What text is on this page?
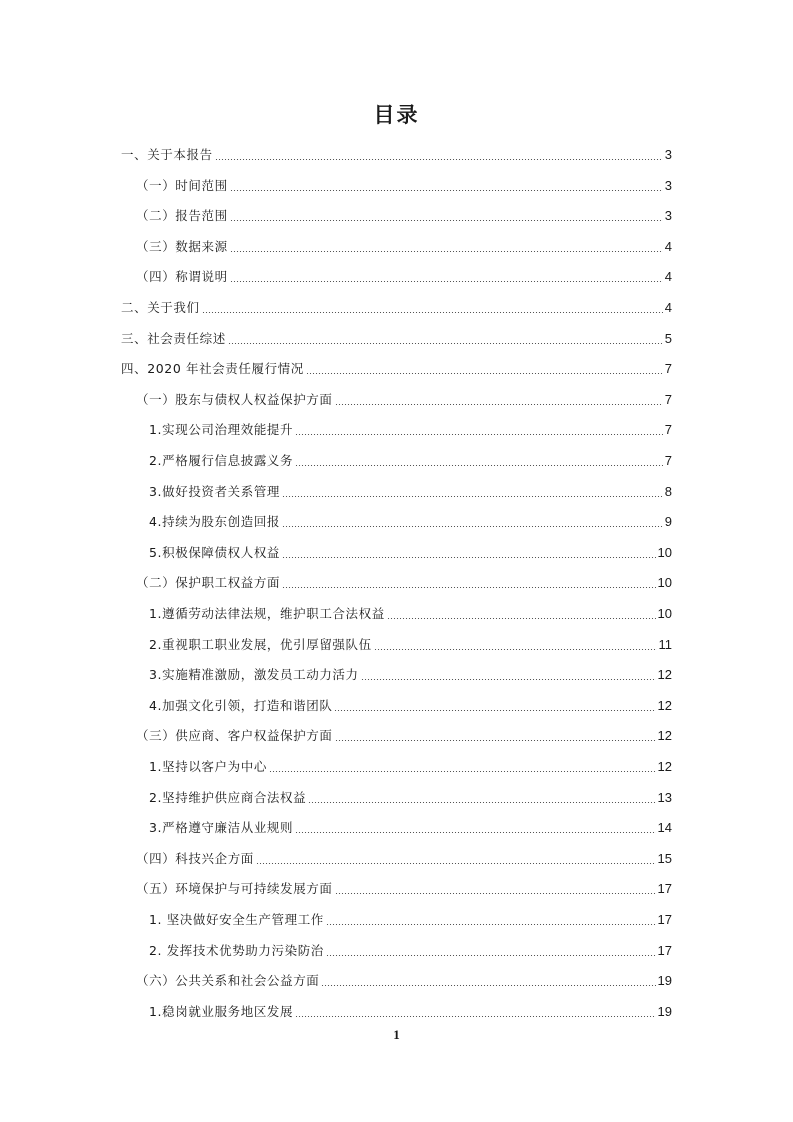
目录
一、关于本报告	3
（一）时间范围	3
（二）报告范围	3
（三）数据来源	4
（四）称谓说明	4
二、关于我们	4
三、社会责任综述	5
四、2020 年社会责任履行情况	7
（一）股东与债权人权益保护方面	7
1.实现公司治理效能提升	7
2.严格履行信息披露义务	7
3.做好投资者关系管理	8
4.持续为股东创造回报	9
5.积极保障债权人权益	10
（二）保护职工权益方面	10
1.遵循劳动法律法规，维护职工合法权益	10
2.重视职工职业发展，优引厚留强队伍	11
3.实施精准激励，激发员工动力活力	12
4.加强文化引领，打造和谐团队	12
（三）供应商、客户权益保护方面	12
1.坚持以客户为中心	12
2.坚持维护供应商合法权益	13
3.严格遵守廉洁从业规则	14
（四）科技兴企方面	15
（五）环境保护与可持续发展方面	17
1. 坚决做好安全生产管理工作	17
2. 发挥技术优势助力污染防治	17
（六）公共关系和社会公益方面	19
1.稳岗就业服务地区发展	19
1
